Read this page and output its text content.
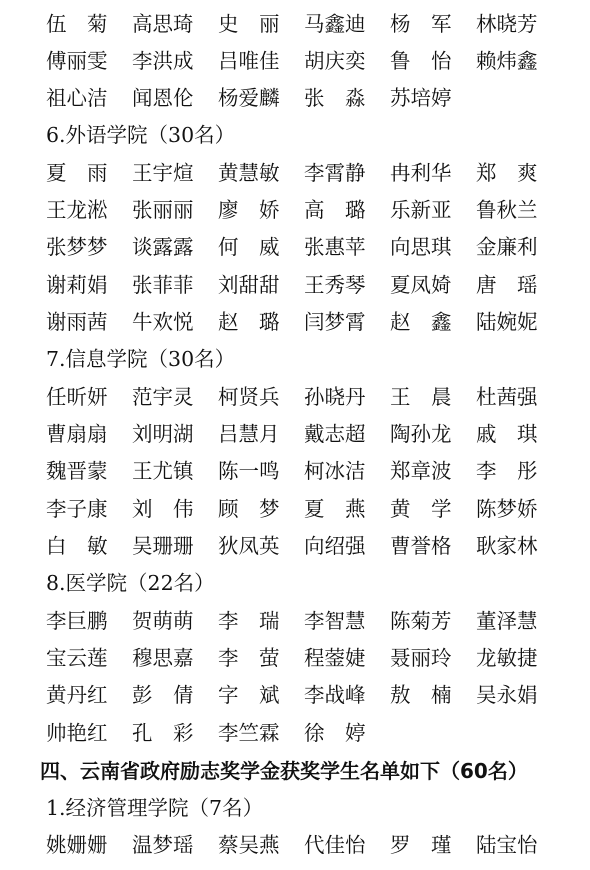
伍　菊	高思琦	史　丽	马鑫迪	杨　军	林晓芳
傅丽雯	李洪成	吕唯佳	胡庆奕	鲁　怡	赖炜鑫
祖心洁	闻恩伦	杨爱麟	张　淼	苏培婷
6.外语学院（30名）
夏　雨	王宇煊	黄慧敏	李霄静	冉利华	郑　爽
王龙淞	张丽丽	廖　娇	高　璐	乐新亚	鲁秋兰
张梦梦	谈露露	何　威	张惠苹	向思琪	金廉利
谢莉娟	张菲菲	刘甜甜	王秀琴	夏凤婍	唐　瑶
谢雨茜	牛欢悦	赵　璐	闫梦霄	赵　鑫	陆婉妮
7.信息学院（30名）
任昕妍	范宇灵	柯贤兵	孙晓丹	王　晨	杜茜强
曹扇扇	刘明湖	吕慧月	戴志超	陶孙龙	戚　琪
魏晋蒙	王尤镇	陈一鸣	柯冰洁	郑章波	李　彤
李子康	刘　伟	顾　梦	夏　燕	黄　学	陈梦娇
白　敏	吴珊珊	狄凤英	向绍强	曹誉格	耿家林
8.医学院（22名）
李巨鹏	贺萌萌	李　瑞	李智慧	陈菊芳	董泽慧
宝云莲	穆思嘉	李　萤	程蓥婕	聂丽玲	龙敏捷
黄丹红	彭　倩	字　斌	李战峰	敖　楠	吴永娟
帅艳红	孔　彩	李竺霖	徐　婷
四、云南省政府励志奖学金获奖学生名单如下（60名）
1.经济管理学院（7名）
姚姗姗	温梦瑶	蔡吴燕	代佳怡	罗　瑾	陆宝怡
